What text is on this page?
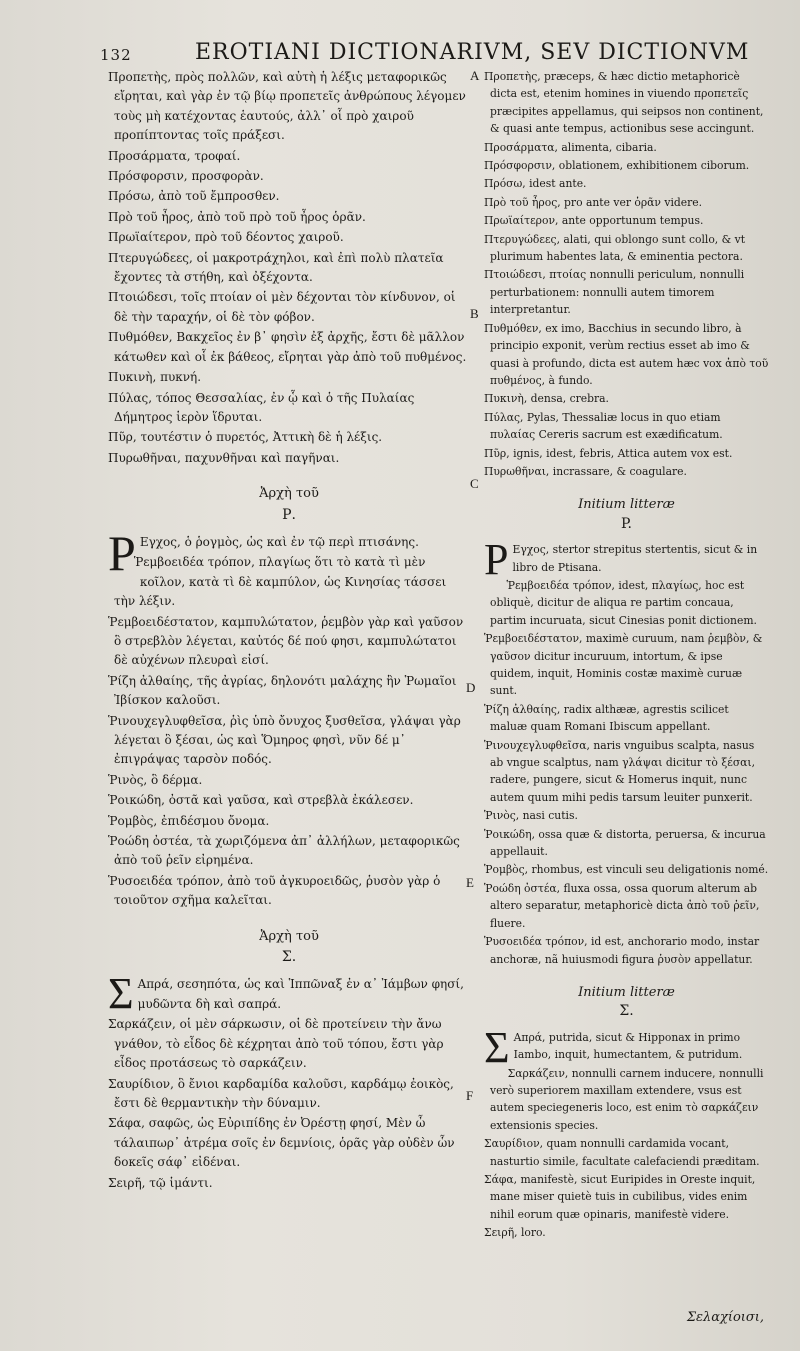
132	EROTIANI DICTIONARIVM, SEV DICTIONVM
A
B
C
D
E
F

Προπετὴς, πρὸς πολλῶν, καὶ αὐτὴ ἡ λέξις μεταφορικῶς εἴρηται, καὶ γὰρ ἐν τῷ βίῳ προπετεῖς ἀνθρώπους λέγομεν τοὺς μὴ κατέχοντας ἑαυτούς, ἀλλ᾽ οἷ πρὸ χαιροῦ προπίπτοντας τοῖς πράξεσι.
Προσάρματα, τροφαί.
Πρόσφορσιν, προσφορὰν.
Πρόσω, ἀπὸ τοῦ ἔμπροσθεν.
Πρὸ τοῦ ἦρος, ἀπὸ τοῦ πρὸ τοῦ ἦρος ὁρᾶν.
Πρωϊαίτερον, πρὸ τοῦ δέοντος χαιροῦ.
Πτερυγώδεες, οἱ μακροτράχηλοι, καὶ ἐπὶ πολὺ πλατεῖα ἔχοντες τὰ στήθη, καὶ ὀξέχοντα.
Πτοιώδεσι, τοῖς πτοίαν οἱ μὲν δέχονται τὸν κίνδυνον, οἱ δὲ τὴν ταραχήν, οἱ δὲ τὸν φόβον.
Πυθμόθεν, Βακχεῖος ἐν β᾽ φησὶν ἐξ ἀρχῆς, ἔστι δὲ μᾶλλον κάτωθεν καὶ οἷ ἐκ βάθεος, εἴρηται γὰρ ἀπὸ τοῦ πυθμένος.
Πυκινὴ, πυκνή.
Πύλας, τόπος Θεσσαλίας, ἐν ᾧ καὶ ὁ τῆς Πυλαίας Δήμητρος ἱερὸν ἵδρυται.
Πῦρ, τουτέστιν ὁ πυρετός, Ἀττικὴ δὲ ἡ λέξις.
Πυρωθῆναι, παχυνθῆναι καὶ παγῆναι.
Ἀρχὴ τοῦ
Ρ.
Ρ Εγχος, ὁ ῥογμὸς, ὡς καὶ ἐν τῷ περὶ πτισάνης.
Ῥεμβοειδέα τρόπον, πλαγίως ὅτι τὸ κατὰ τὶ μὲν κοῖλον, κατὰ τὶ δὲ καμπύλον, ὡς Κινησίας τάσσει τὴν λέξιν.
Ῥεμβοειδέστατον, καμπυλώτατον, ῥεμβὸν γὰρ καὶ γαῦσον ὃ στρεβλὸν λέγεται, καὐτός δέ πού φησι, καμπυλώτατοι δὲ αὐχένων πλευραὶ εἰσί.
Ῥίζη ἀλθαίης, τῆς ἀγρίας, δηλονότι μαλάχης ἣν Ῥωμαῖοι Ἰβίσκον καλοῦσι.
Ῥινουχεγλυφθεῖσα, ῥὶς ὑπὸ ὄνυχος ξυσθεῖσα, γλάψαι γὰρ λέγεται ὃ ξέσαι, ὡς καὶ Ὅμηρος φησὶ, νῦν δέ μ᾽ ἐπιγράψας ταρσὸν ποδός.
Ῥινὸς, ὃ δέρμα.
Ῥοικώδη, ὀστᾶ καὶ γαῦσα, καὶ στρεβλὰ ἐκάλεσεν.
Ῥομβὸς, ἐπιδέσμου ὄνομα.
Ῥοώδη ὀστέα, τὰ χωριζόμενα ἀπ᾽ ἀλλήλων, μεταφορικῶς ἀπὸ τοῦ ῥεῖν εἰρημένα.
Ῥυσοειδέα τρόπον, ἀπὸ τοῦ ἀγκυροειδῶς, ῥυσὸν γὰρ ὁ τοιοῦτον σχῆμα καλεῖται.
Ἀρχὴ τοῦ
Σ.
Σ Απρά, σεσηπότα, ὡς καὶ Ἱππῶναξ ἐν α᾽ Ἰάμβων φησί, μυδῶντα δὴ καὶ σαπρά.
Σαρκάζειν, οἱ μὲν σάρκωσιν, οἱ δὲ προτείνειν τὴν ἄνω γνάθον, τὸ εἶδος δὲ κέχρηται ἀπὸ τοῦ τόπου, ἔστι γὰρ εἶδος προτάσεως τὸ σαρκάζειν.
Σαυρίδιον, ὃ ἔνιοι καρδαμίδα καλοῦσι, καρδάμῳ ἐοικὸς, ἔστι δὲ θερμαντικὴν τὴν δύναμιν.
Σάφα, σαφῶς, ὡς Εὐριπίδης ἐν Ὀρέστῃ φησί, Μὲν ὦ τάλαιπωρ᾽ ἀτρέμα σοῖς ἐν δεμνίοις, ὁρᾶς γὰρ οὐδὲν ὧν δοκεῖς σάφ᾽ εἰδέναι.
Σειρῆ, τῷ ἱμάντι.
Προπετὴς, præceps, & hæc dictio metaphoricè dicta est, etenim homines in viuendo προπετεῖς præcipites appellamus, qui seipsos non continent, & quasi ante tempus, actionibus sese accingunt.
Προσάρματα, alimenta, cibaria.
Πρόσφορσιν, oblationem, exhibitionem ciborum.
Πρόσω, idest ante.
Πρὸ τοῦ ἦρος, pro ante ver ὁρᾶν videre.
Πρωϊαίτερον, ante opportunum tempus.
Πτερυγώδεες, alati, qui oblongo sunt collo, & vt plurimum habentes lata, & eminentia pectora.
Πτοιώδεσι, πτοίας nonnulli periculum, nonnulli perturbationem: nonnulli autem timorem interpretantur.
Πυθμόθεν, ex imo, Bacchius in secundo libro, à principio exponit, verùm rectius esset ab imo & quasi à profundo, dicta est autem hæc vox ἀπὸ τοῦ πυθμένος, à fundo.
Πυκινὴ, densa, crebra.
Πύλας, Pylas, Thessaliæ locus in quo etiam πυλαίας Cereris sacrum est exædificatum.
Πῦρ, ignis, idest, febris, Attica autem vox est.
Πυρωθῆναι, incrassare, & coagulare.
Initium litteræ
P.
P Εγχος, stertor strepitus stertentis, sicut & in libro de Ptisana.
Ῥεμβοειδέα τρόπον, idest, πλαγίως, hoc est obliquè, dicitur de aliqua re partim concaua, partim incuruata, sicut Cinesias ponit dictionem.
Ῥεμβοειδέστατον, maximè curuum, nam ῥεμβὸν, & γαῦσον dicitur incuruum, intortum, & ipse quidem, inquit, Hominis costæ maximè curuæ sunt.
Ῥίζη ἀλθαίης, radix althææ, agrestis scilicet maluæ quam Romani Ibiscum appellant.
Ῥινουχεγλυφθεῖσα, naris vnguibus scalpta, nasus ab vngue scalptus, nam γλάψαι dicitur τὸ ξέσαι, radere, pungere, sicut & Homerus inquit, nunc autem quum mihi pedis tarsum leuiter punxerit.
Ῥινὸς, nasi cutis.
Ῥοικώδη, ossa quæ & distorta, peruersa, & incurua appellauit.
Ῥομβὸς, rhombus, est vinculi seu deligationis nomé.
Ῥοώδη ὀστέα, fluxa ossa, ossa quorum alterum ab altero separatur, metaphoricè dicta ἀπὸ τοῦ ῥεῖν, fluere.
Ῥυσοειδέα τρόπον, id est, anchorario modo, instar anchoræ, nã huiusmodi figura ῥυσὸν appellatur.
Initium litteræ
Σ.
Σ Απρά, putrida, sicut & Hipponax in primo Iambo, inquit, humectantem, & putridum.
Σαρκάζειν, nonnulli carnem inducere, nonnulli verò superiorem maxillam extendere, vsus est autem speciegeneris loco, est enim τὸ σαρκάζειν extensionis species.
Σαυρίδιον, quam nonnulli cardamida vocant, nasturtio simile, facultate calefaciendi præditam.
Σάφα, manifestè, sicut Euripides in Oreste inquit, mane miser quietè tuis in cubilibus, vides enim nihil eorum quæ opinaris, manifestè videre.
Σειρῆ, loro.
Σελαχίοισι,
